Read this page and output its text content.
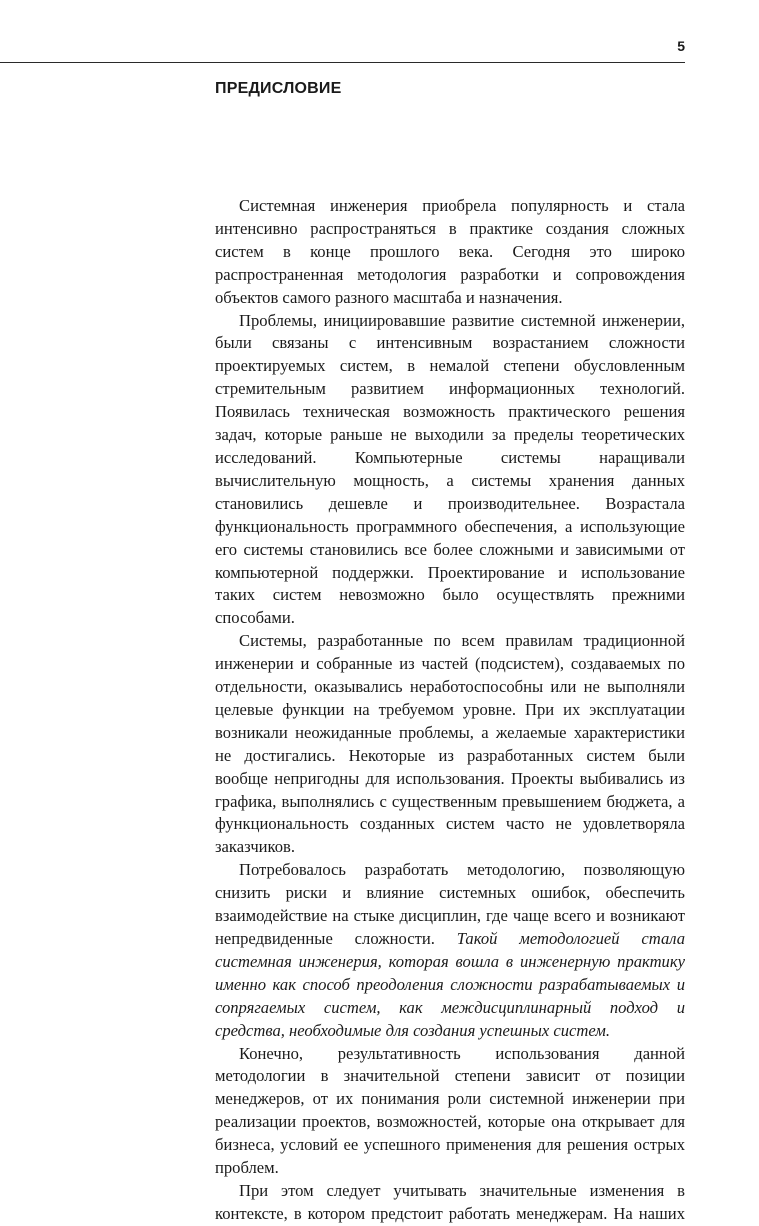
5
ПРЕДИСЛОВИЕ

Системная инженерия приобрела популярность и стала интенсивно распространяться в практике создания сложных систем в конце прошлого века. Сегодня это широко распространенная методология разработки и сопровождения объектов самого разного масштаба и назначения.

Проблемы, инициировавшие развитие системной инженерии, были связаны с интенсивным возрастанием сложности проектируемых систем, в немалой степени обусловленным стремительным развитием информационных технологий. Появилась техническая возможность практического решения задач, которые раньше не выходили за пределы теоретических исследований. Компьютерные системы наращивали вычислительную мощность, а системы хранения данных становились дешевле и производительнее. Возрастала функциональность программного обеспечения, а использующие его системы становились все более сложными и зависимыми от компьютерной поддержки. Проектирование и использование таких систем невозможно было осуществлять прежними способами.

Системы, разработанные по всем правилам традиционной инженерии и собранные из частей (подсистем), создаваемых по отдельности, оказывались неработоспособны или не выполняли целевые функции на требуемом уровне. При их эксплуатации возникали неожиданные проблемы, а желаемые характеристики не достигались. Некоторые из разработанных систем были вообще непригодны для использования. Проекты выбивались из графика, выполнялись с существенным превышением бюджета, а функциональность созданных систем часто не удовлетворяла заказчиков.

Потребовалось разработать методологию, позволяющую снизить риски и влияние системных ошибок, обеспечить взаимодействие на стыке дисциплин, где чаще всего и возникают непредвиденные сложности. Такой методологией стала системная инженерия, которая вошла в инженерную практику именно как способ преодоления сложности разрабатываемых и сопрягаемых систем, как междисциплинарный подход и средства, необходимые для создания успешных систем.

Конечно, результативность использования данной методологии в значительной степени зависит от позиции менеджеров, от их понимания роли системной инженерии при реализации проектов, возможностей, которые она открывает для бизнеса, условий ее успешного применения для решения острых проблем.

При этом следует учитывать значительные изменения в контексте, в котором предстоит работать менеджерам. На наших
